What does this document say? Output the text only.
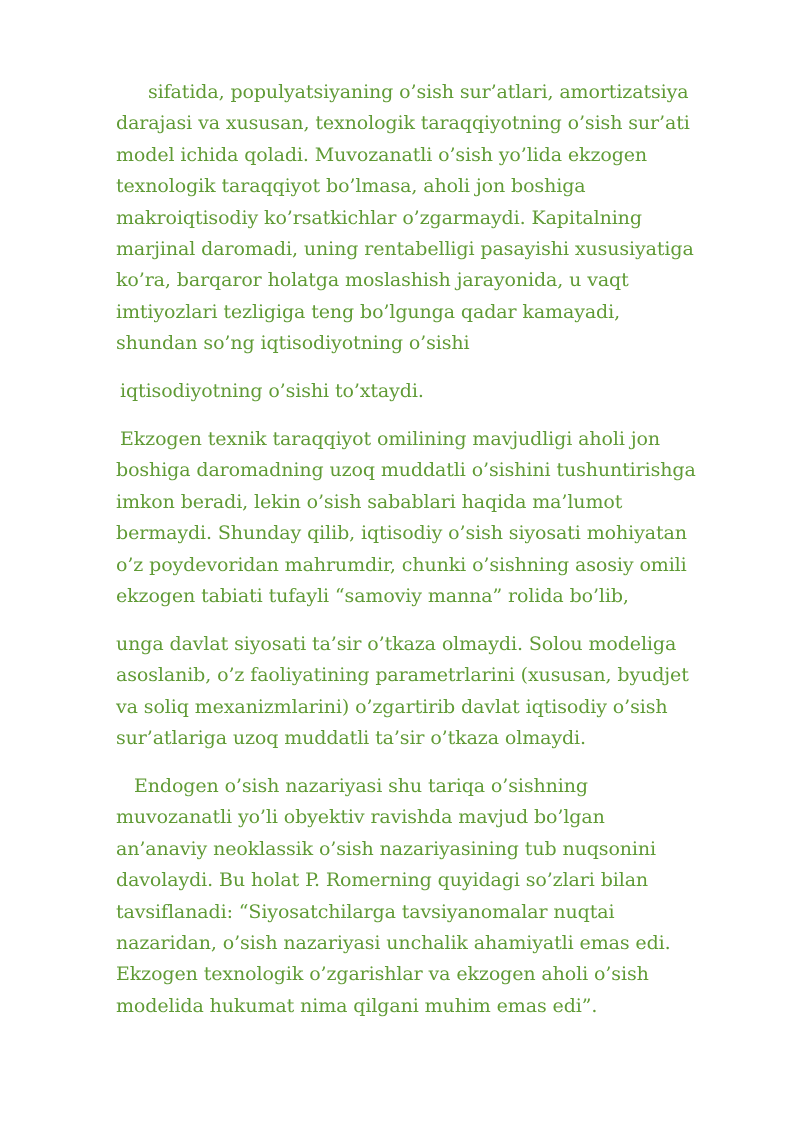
sifatida, populyatsiyaning o’sish sur’atlari, amortizatsiya
darajasi va xususan, texnologik taraqqiyotning o’sish sur’ati
model ichida qoladi. Muvozanatli o’sish yo’lida ekzogen
texnologik taraqqiyot bo’lmasa, aholi jon boshiga
makroiqtisodiy ko’rsatkichlar o’zgarmaydi. Kapitalning
marjinal daromadi, uning rentabelligi pasayishi xususiyatiga
ko’ra, barqaror holatga moslashish jarayonida, u vaqt
imtiyozlari tezligiga teng bo’lgunga qadar kamayadi,
shundan so’ng iqtisodiyotning o’sishi

iqtisodiyotning o’sishi to’xtaydi.

Ekzogen texnik taraqqiyot omilining mavjudligi aholi jon
boshiga daromadning uzoq muddatli o’sishini tushuntirishga
imkon beradi, lekin o’sish sabablari haqida ma’lumot
bermaydi. Shunday qilib, iqtisodiy o’sish siyosati mohiyatan
o’z poydevoridan mahrumdir, chunki o’sishning asosiy omili
ekzogen tabiati tufayli “samoviy manna” rolida bo’lib,

unga davlat siyosati ta’sir o’tkaza olmaydi. Solou modeliga
asoslanib, o’z faoliyatining parametrlarini (xususan, byudjet
va soliq mexanizmlarini) o’zgartirib davlat iqtisodiy o’sish
sur’atlariga uzoq muddatli ta’sir o’tkaza olmaydi.

Endogen o’sish nazariyasi shu tariqa o’sishning
muvozanatli yo’li obyektiv ravishda mavjud bo’lgan
an’anaviy neoklassik o’sish nazariyasining tub nuqsonini
davolaydi. Bu holat P. Romerning quyidagi so’zlari bilan
tavsiflanadi: “Siyosatchilarga tavsiyanomalar nuqtai
nazaridan, o’sish nazariyasi unchalik ahamiyatli emas edi.
Ekzogen texnologik o’zgarishlar va ekzogen aholi o’sish
modelida hukumat nima qilgani muhim emas edi”.
